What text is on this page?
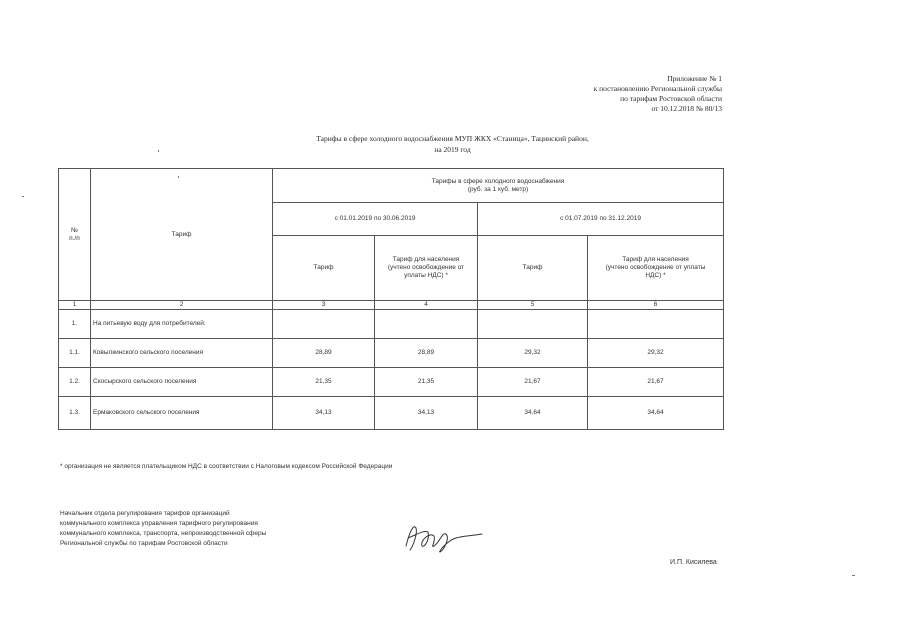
Приложение № 1
к постановлению Региональной службы
по тарифам Ростовской области
от 10.12.2018 № 80/13
Тарифы в сфере холодного водоснабжения МУП ЖКХ «Станица», Тацинский район,
на 2019 год
№
п./п	Тариф	Тарифы в сфере холодного водоснабжения
(руб. за 1 куб. метр)			
		с 01.01.2019 по 30.06.2019		с 01.07.2019 по 31.12.2019	
		Тариф	Тариф для населения
(учтено освобождение от
уплаты НДС) *	Тариф	Тариф для населения
(учтено освобождение от уплаты
НДС) *
1	2	3	4	5	6
1.	На питьевую воду для потребителей:				
1.1.	Ковылкинского сельского поселения	28,89	28,89	29,32	29,32
1.2.	Скосырского сельского поселения	21,35	21,35	21,67	21,67
1.3.	Ермаковского сельского поселения	34,13	34,13	34,64	34,64
* организация не является плательщиком НДС в соответствии с Налоговым кодексом Российской Федерации
Начальник отдела регулирования тарифов организаций коммунального комплекса управления тарифного регулирования коммунального комплекса, транспорта, непроизводственной сферы Региональной службы по тарифам Ростовской области
И.П. Кисилева
